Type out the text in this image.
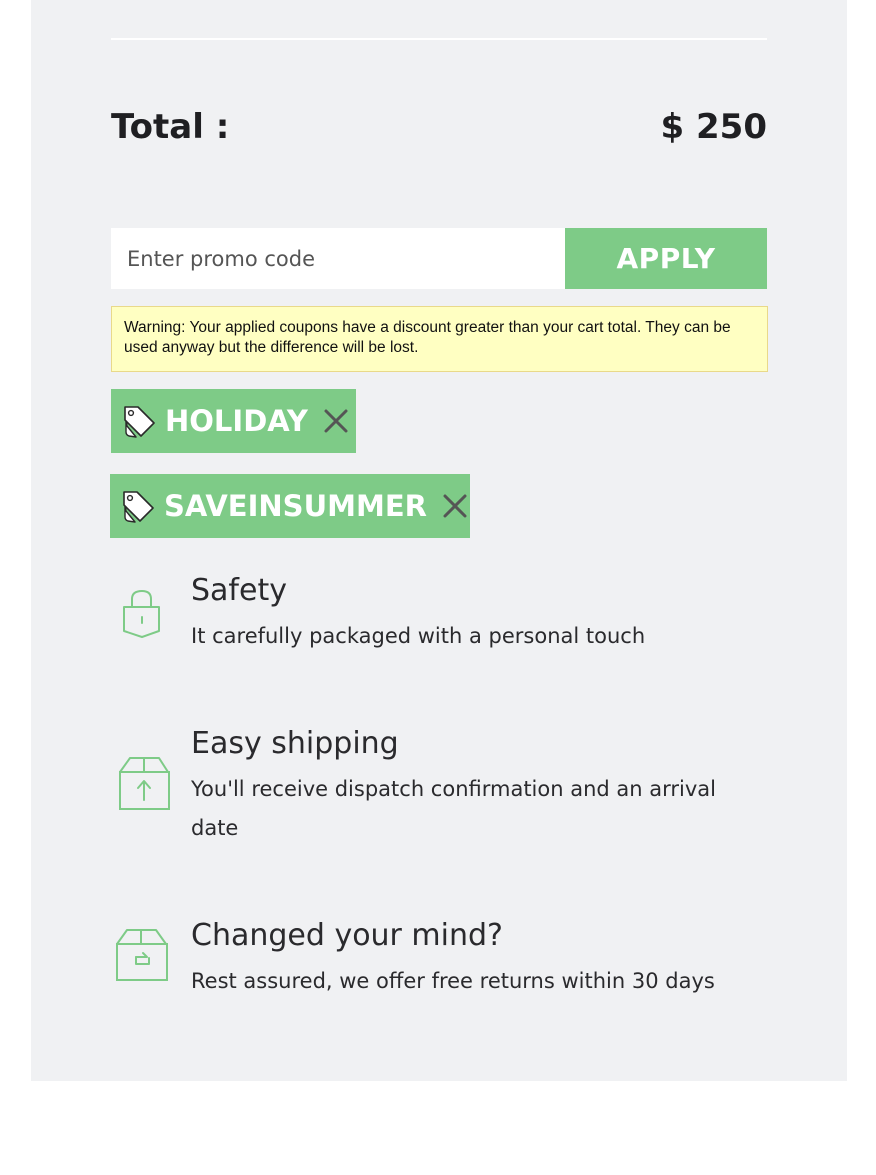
Total :	$ 250
Enter promo code
APPLY
Warning: Your applied coupons have a discount greater than your cart total. They can be used anyway but the difference will be lost.
HOLIDAY
SAVEINSUMMER
Safety
It carefully packaged with a personal touch
Easy shipping
You'll receive dispatch confirmation and an arrival date
Changed your mind?
Rest assured, we offer free returns within 30 days
